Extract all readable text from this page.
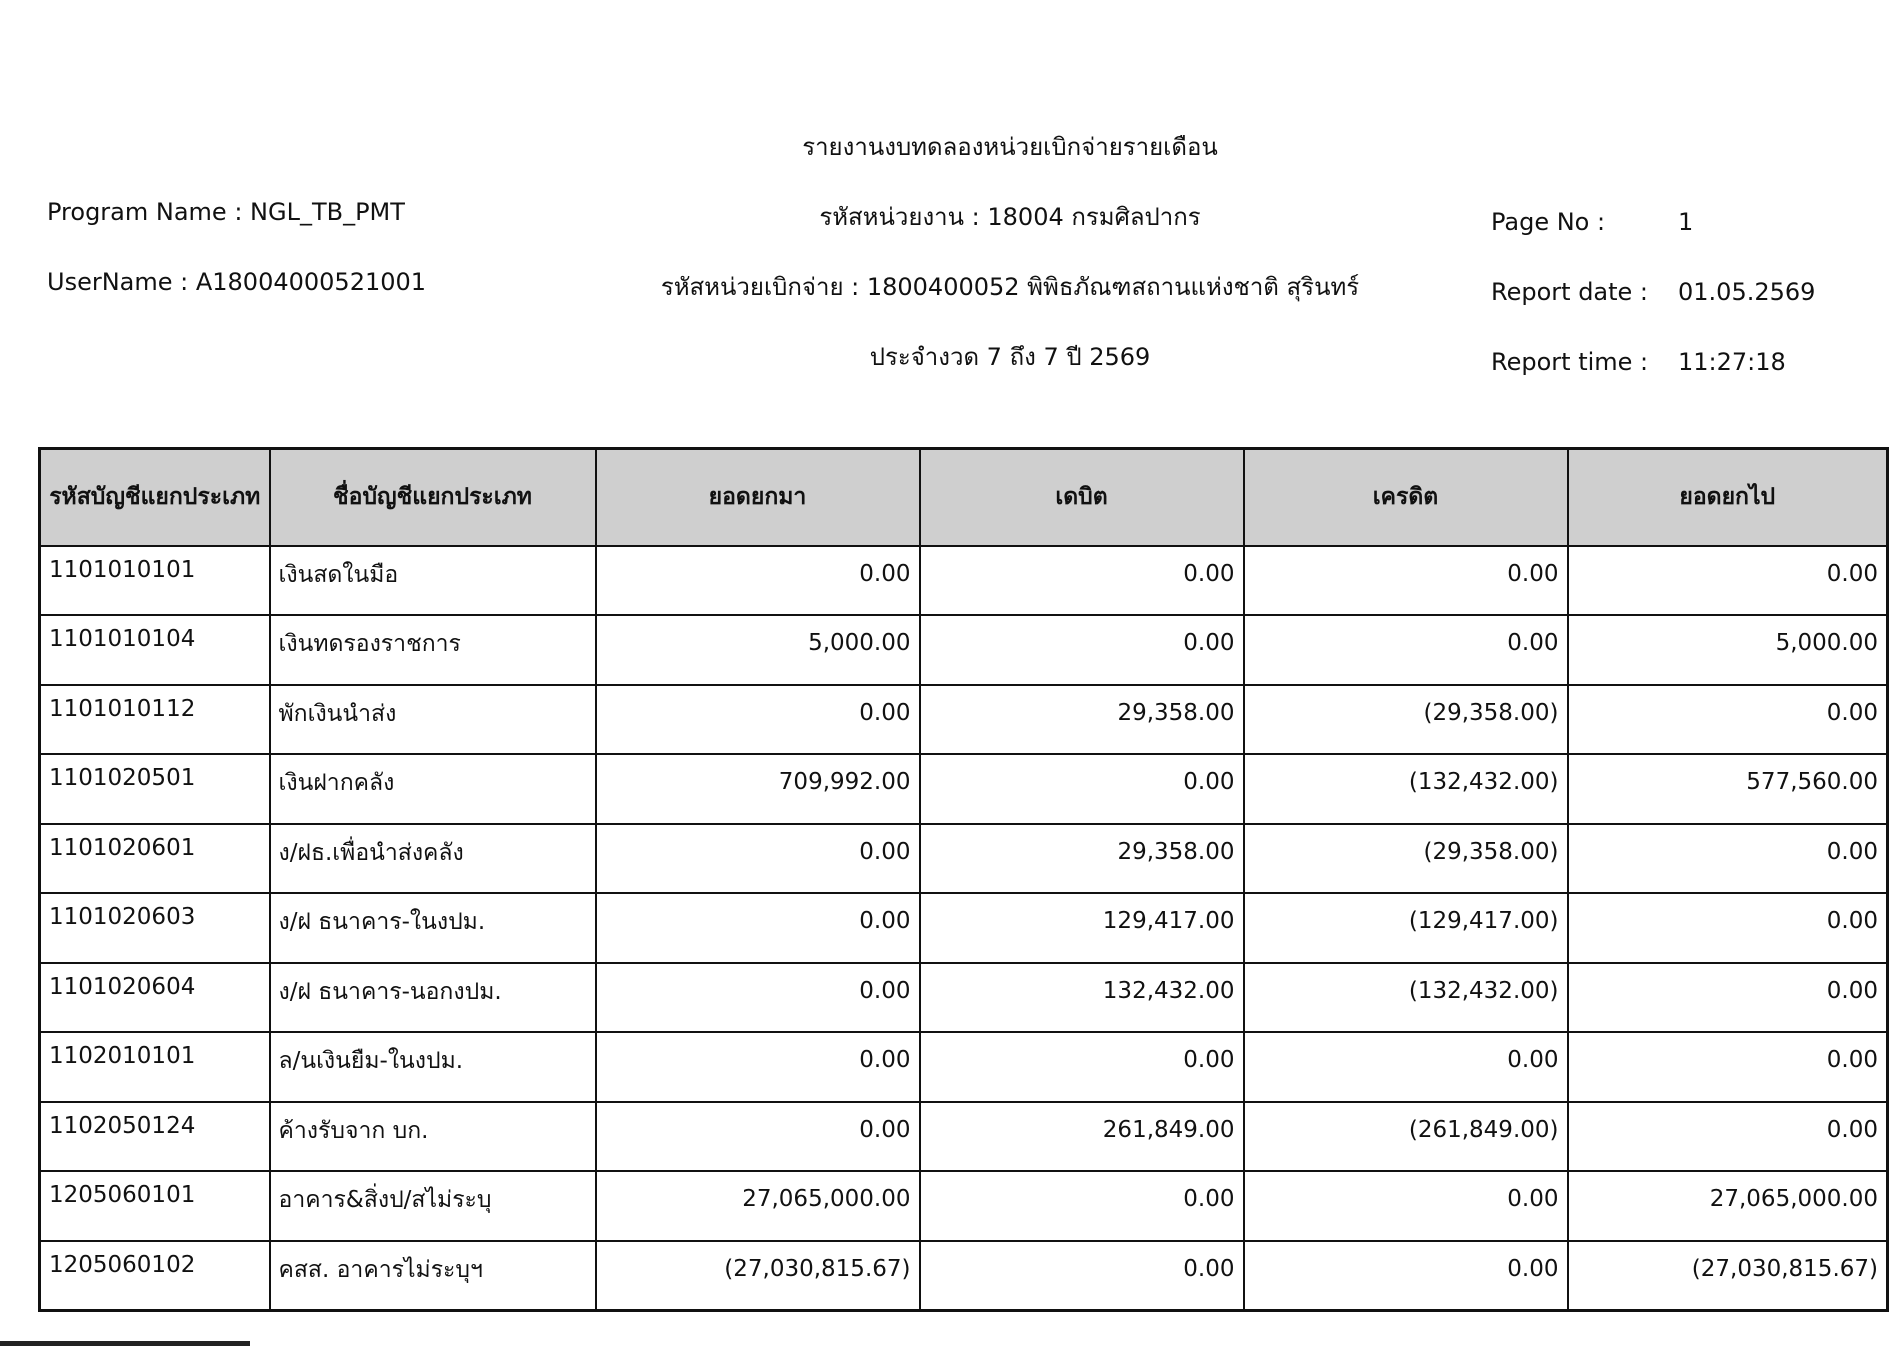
รายงานงบทดลองหน่วยเบิกจ่ายรายเดือน
Program Name : NGL_TB_PMT	รหัสหน่วยงาน : 18004 กรมศิลปากร	Page No :	1
UserName : A18004000521001	รหัสหน่วยเบิกจ่าย : 1800400052 พิพิธภัณฑสถานแห่งชาติ สุรินทร์	Report date : 01.05.2569
ประจำงวด 7 ถึง 7 ปี 2569	Report time : 11:27:18
รหัสบัญชีแยกประเภท	ชื่อบัญชีแยกประเภท	ยอดยกมา	เดบิต	เครดิต	ยอดยกไป
1101010101	เงินสดในมือ	0.00	0.00	0.00	0.00
1101010104	เงินทดรองราชการ	5,000.00	0.00	0.00	5,000.00
1101010112	พักเงินนำส่ง	0.00	29,358.00	(29,358.00)	0.00
1101020501	เงินฝากคลัง	709,992.00	0.00	(132,432.00)	577,560.00
1101020601	ง/ฝธ.เพื่อนำส่งคลัง	0.00	29,358.00	(29,358.00)	0.00
1101020603	ง/ฝ ธนาคาร-ในงปม.	0.00	129,417.00	(129,417.00)	0.00
1101020604	ง/ฝ ธนาคาร-นอกงปม.	0.00	132,432.00	(132,432.00)	0.00
1102010101	ล/นเงินยืม-ในงปม.	0.00	0.00	0.00	0.00
1102050124	ค้างรับจาก บก.	0.00	261,849.00	(261,849.00)	0.00
1205060101	อาคาร&สิ่งป/สไม่ระบุ	27,065,000.00	0.00	0.00	27,065,000.00
1205060102	คสส. อาคารไม่ระบุฯ	(27,030,815.67)	0.00	0.00	(27,030,815.67)
